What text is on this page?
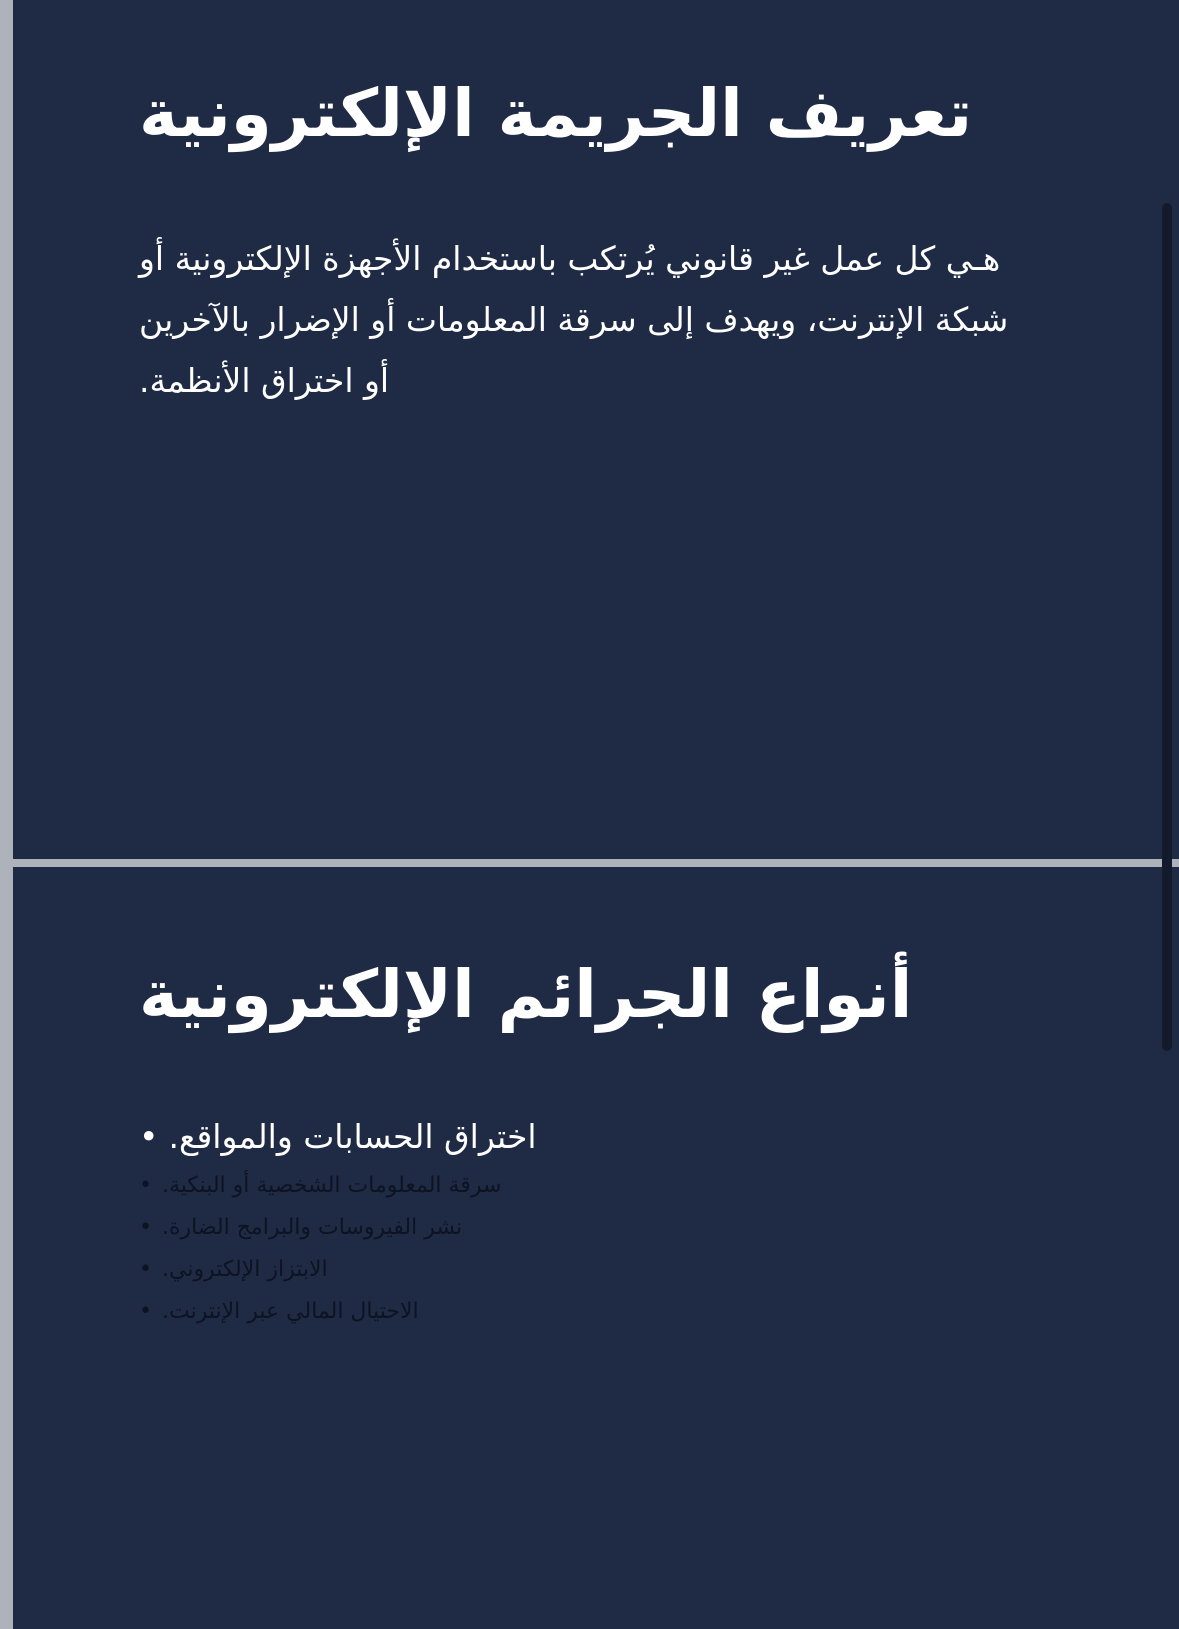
تعريف الجريمة الإلكترونية

هـي كل عمل غير قانوني يُرتكب باستخدام الأجهزة الإلكترونية أو
شبكة الإنترنت، ويهدف إلى سرقة المعلومات أو الإضرار بالآخرين
أو اختراق الأنظمة.

أنواع الجرائم الإلكترونية
• اختراق الحسابات والمواقع.
• سرقة المعلومات الشخصية أو البنكية.
• نشر الفيروسات والبرامج الضارة.
• الابتزاز الإلكتروني.
• الاحتيال المالي عبر الإنترنت.
